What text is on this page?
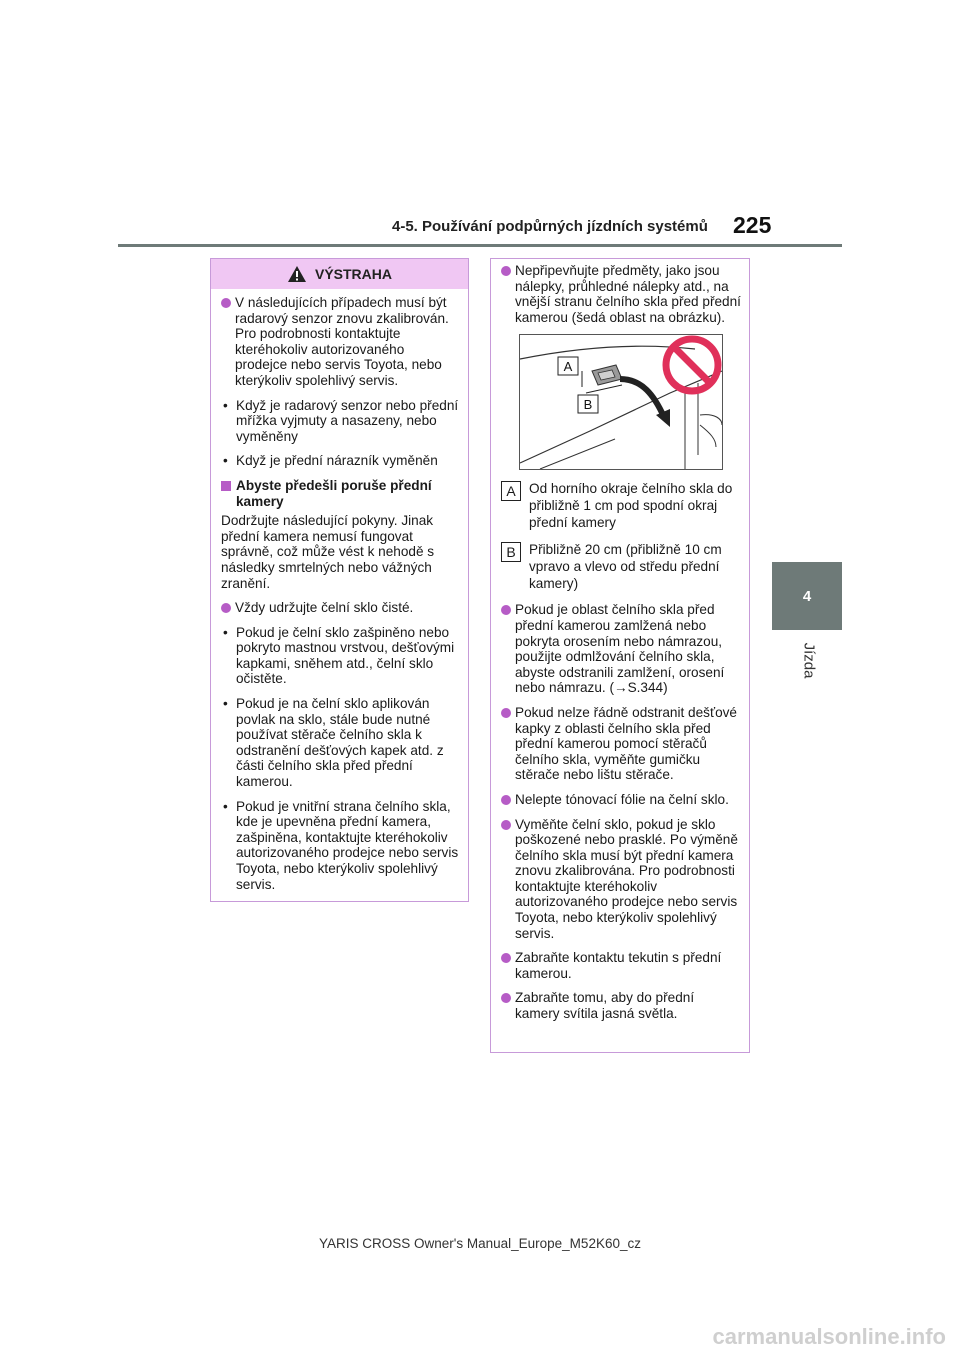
4-5. Používání podpůrných jízdních systémů 225
4
Jízda
VÝSTRAHA
V následujících případech musí být radarový senzor znovu zkalibrován. Pro podrobnosti kontaktujte kteréhokoliv autorizovaného prodejce nebo servis Toyota, nebo kterýkoliv spolehlivý servis.
• Když je radarový senzor nebo přední mřížka vyjmuty a nasazeny, nebo vyměněny
• Když je přední nárazník vyměněn
Abyste předešli poruše přední kamery
Dodržujte následující pokyny. Jinak přední kamera nemusí fungovat správně, což může vést k nehodě s následky smrtelných nebo vážných zranění.
Vždy udržujte čelní sklo čisté.
• Pokud je čelní sklo zašpiněno nebo pokryto mastnou vrstvou, dešťovými kapkami, sněhem atd., čelní sklo očistěte.
• Pokud je na čelní sklo aplikován povlak na sklo, stále bude nutné používat stěrače čelního skla k odstranění dešťových kapek atd. z části čelního skla před přední kamerou.
• Pokud je vnitřní strana čelního skla, kde je upevněna přední kamera, zašpiněna, kontaktujte kteréhokoliv autorizovaného prodejce nebo servis Toyota, nebo kterýkoliv spolehlivý servis.
Nepřipevňujte předměty, jako jsou nálepky, průhledné nálepky atd., na vnější stranu čelního skla před přední kamerou (šedá oblast na obrázku).
A
B
A Od horního okraje čelního skla do přibližně 1 cm pod spodní okraj přední kamery
B Přibližně 20 cm (přibližně 10 cm vpravo a vlevo od středu přední kamery)
Pokud je oblast čelního skla před přední kamerou zamlžená nebo pokryta orosením nebo námrazou, použijte odmlžování čelního skla, abyste odstranili zamlžení, orosení nebo námrazu. (→S.344)
Pokud nelze řádně odstranit dešťové kapky z oblasti čelního skla před přední kamerou pomocí stěračů čelního skla, vyměňte gumičku stěrače nebo lištu stěrače.
Nelepte tónovací fólie na čelní sklo.
Vyměňte čelní sklo, pokud je sklo poškozené nebo prasklé. Po výměně čelního skla musí být přední kamera znovu zkalibrována. Pro podrobnosti kontaktujte kteréhokoliv autorizovaného prodejce nebo servis Toyota, nebo kterýkoliv spolehlivý servis.
Zabraňte kontaktu tekutin s přední kamerou.
Zabraňte tomu, aby do přední kamery svítila jasná světla.
YARIS CROSS Owner's Manual_Europe_M52K60_cz
carmanualsonline.info
